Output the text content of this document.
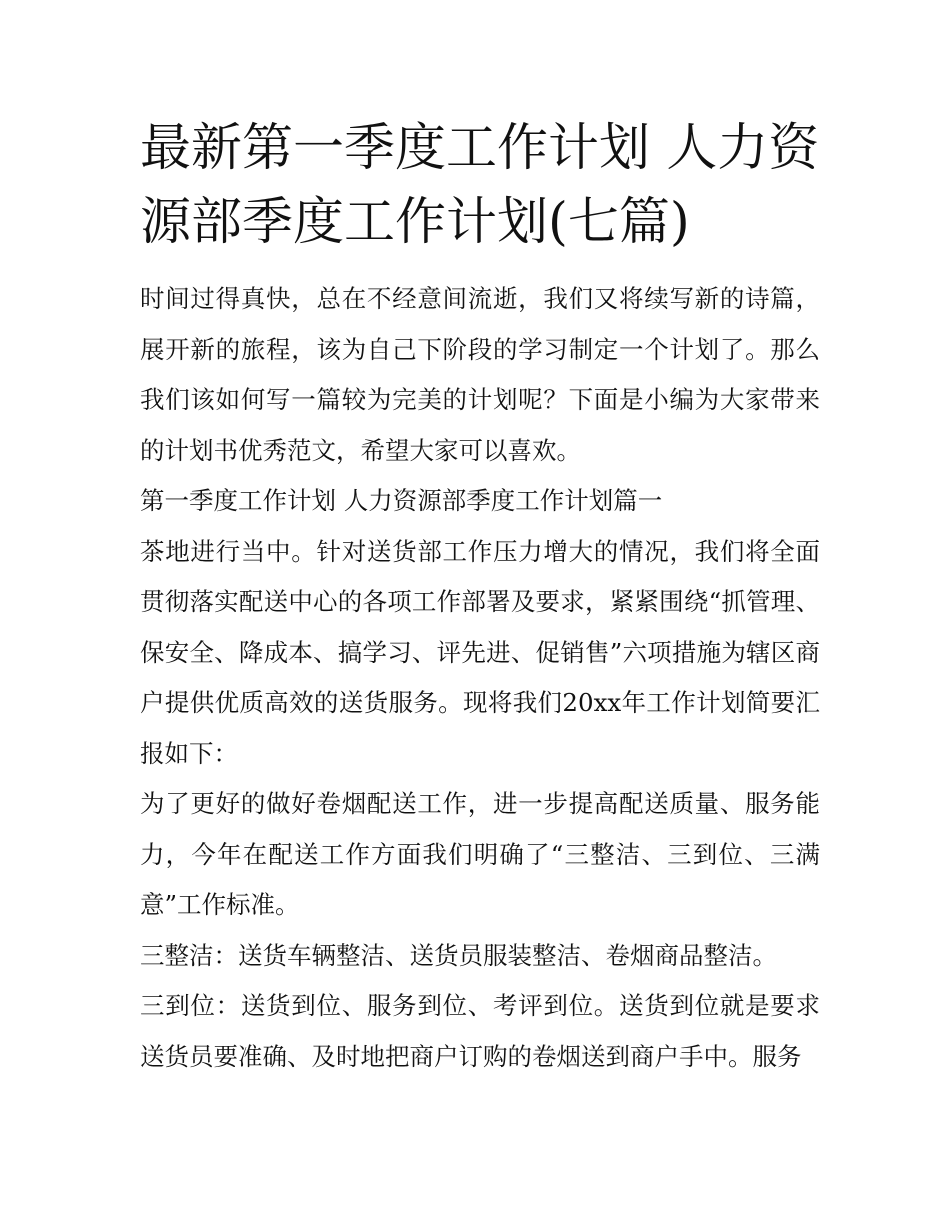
最新第一季度工作计划 人力资源部季度工作计划(七篇)

时间过得真快，总在不经意间流逝，我们又将续写新的诗篇，展开新的旅程，该为自己下阶段的学习制定一个计划了。那么我们该如何写一篇较为完美的计划呢？下面是小编为大家带来的计划书优秀范文，希望大家可以喜欢。

第一季度工作计划 人力资源部季度工作计划篇一

茶地进行当中。针对送货部工作压力增大的情况，我们将全面贯彻落实配送中心的各项工作部署及要求，紧紧围绕“抓管理、保安全、降成本、搞学习、评先进、促销售”六项措施为辖区商户提供优质高效的送货服务。现将我们20xx年工作计划简要汇报如下：

为了更好的做好卷烟配送工作，进一步提高配送质量、服务能力，今年在配送工作方面我们明确了“三整洁、三到位、三满意”工作标准。

三整洁：送货车辆整洁、送货员服装整洁、卷烟商品整洁。

三到位：送货到位、服务到位、考评到位。送货到位就是要求送货员要准确、及时地把商户订购的卷烟送到商户手中。服务
